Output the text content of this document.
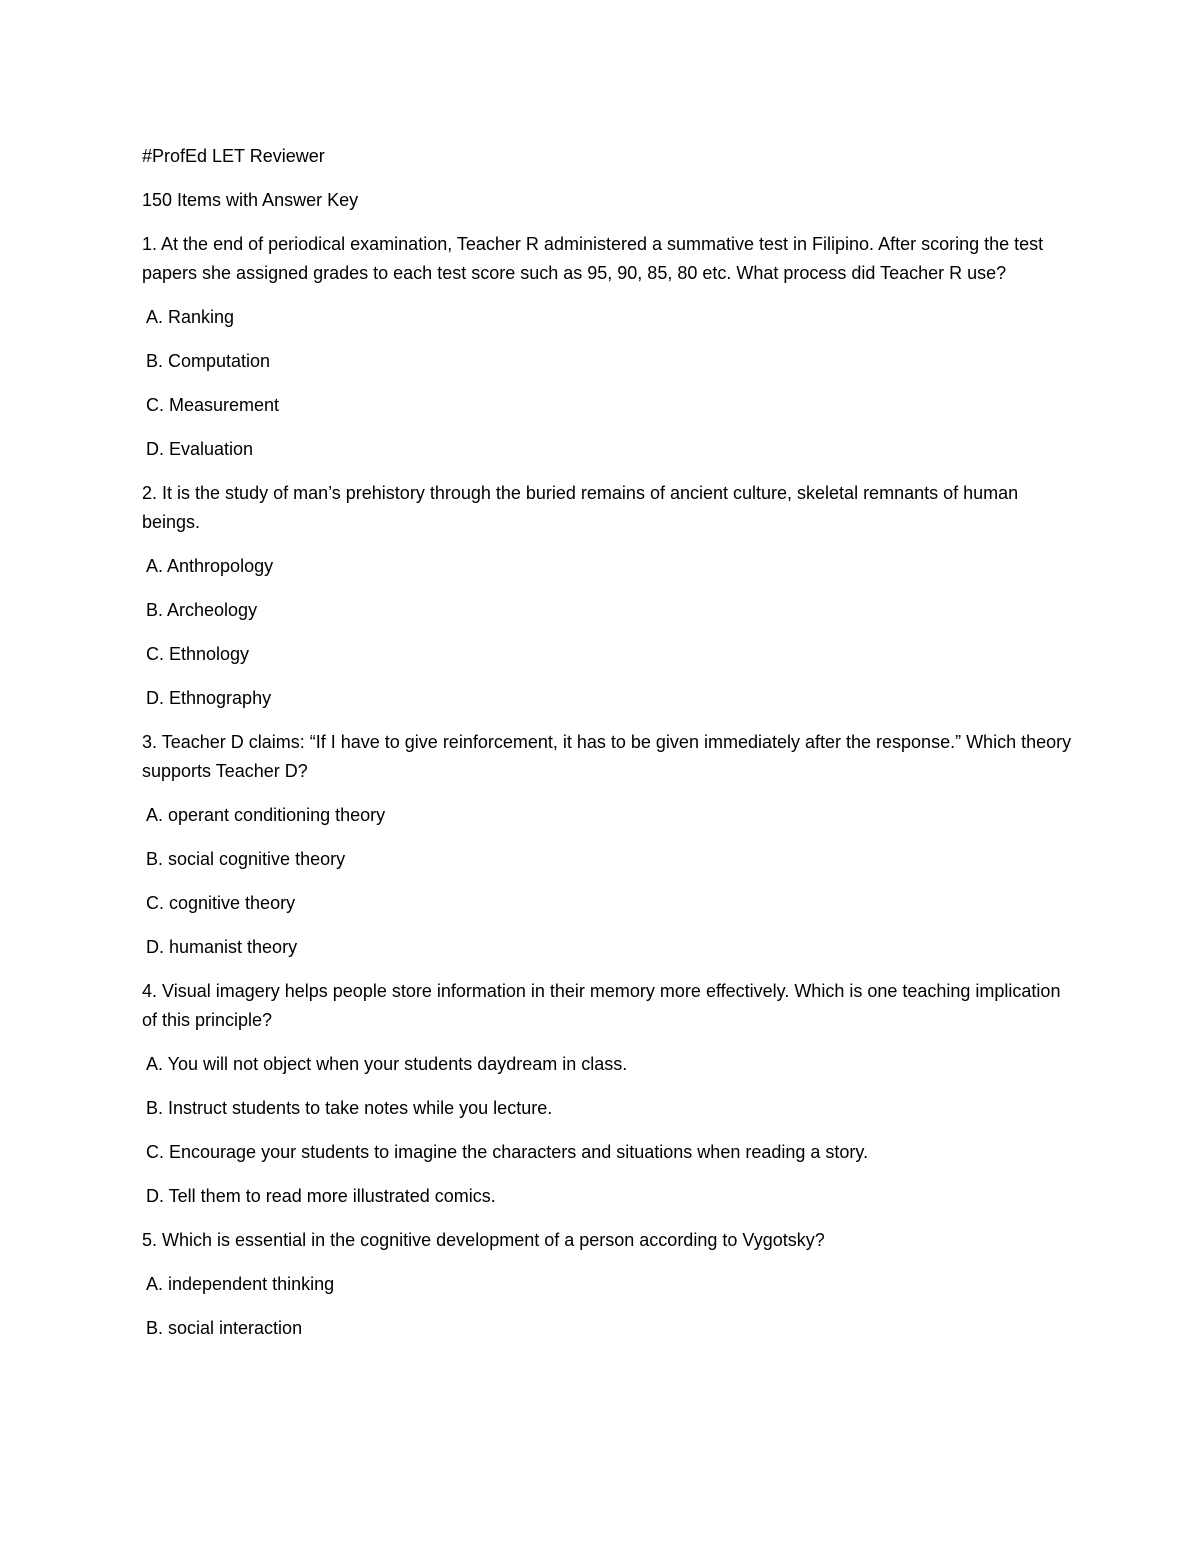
#ProfEd LET Reviewer

150 Items with Answer Key

1. At the end of periodical examination, Teacher R administered a summative test in Filipino. After scoring the test papers she assigned grades to each test score such as 95, 90, 85, 80 etc. What process did Teacher R use?

A. Ranking

B. Computation

C. Measurement

D. Evaluation

2. It is the study of man’s prehistory through the buried remains of ancient culture, skeletal remnants of human beings.

A. Anthropology

B. Archeology

C. Ethnology

D. Ethnography

3. Teacher D claims: “If I have to give reinforcement, it has to be given immediately after the response.” Which theory supports Teacher D?

A. operant conditioning theory

B. social cognitive theory

C. cognitive theory

D. humanist theory

4. Visual imagery helps people store information in their memory more effectively. Which is one teaching implication of this principle?

A. You will not object when your students daydream in class.

B. Instruct students to take notes while you lecture.

C. Encourage your students to imagine the characters and situations when reading a story.

D. Tell them to read more illustrated comics.

5. Which is essential in the cognitive development of a person according to Vygotsky?

A. independent thinking

B. social interaction
